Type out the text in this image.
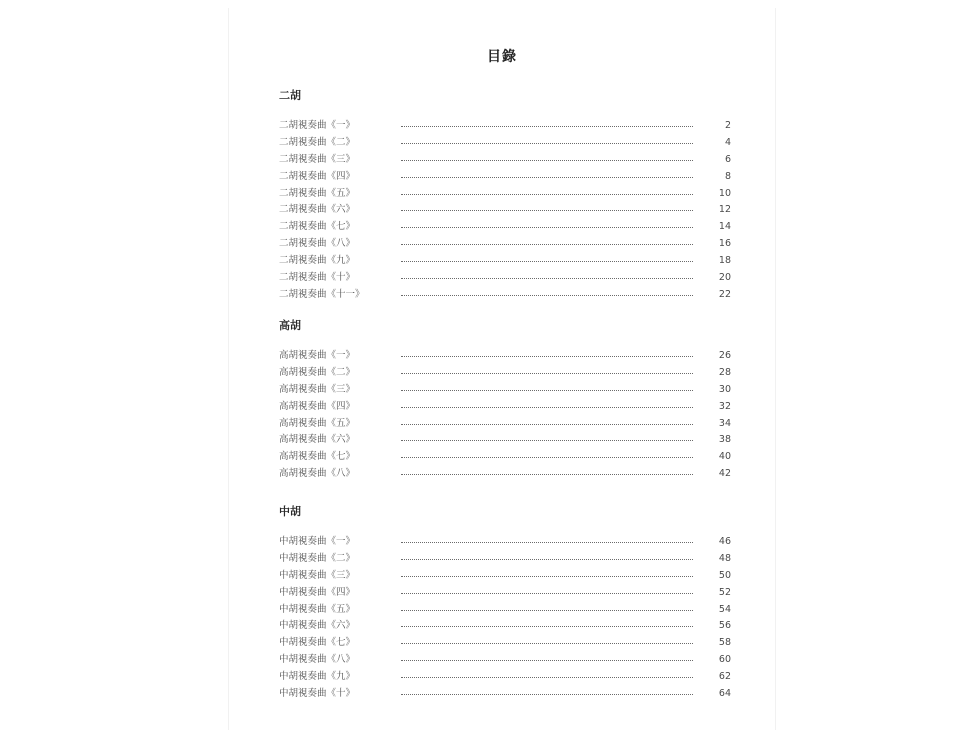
目錄
二胡
二胡視奏曲《一》	2
二胡視奏曲《二》	4
二胡視奏曲《三》	6
二胡視奏曲《四》	8
二胡視奏曲《五》	10
二胡視奏曲《六》	12
二胡視奏曲《七》	14
二胡視奏曲《八》	16
二胡視奏曲《九》	18
二胡視奏曲《十》	20
二胡視奏曲《十一》	22
高胡
高胡視奏曲《一》	26
高胡視奏曲《二》	28
高胡視奏曲《三》	30
高胡視奏曲《四》	32
高胡視奏曲《五》	34
高胡視奏曲《六》	38
高胡視奏曲《七》	40
高胡視奏曲《八》	42
中胡
中胡視奏曲《一》	46
中胡視奏曲《二》	48
中胡視奏曲《三》	50
中胡視奏曲《四》	52
中胡視奏曲《五》	54
中胡視奏曲《六》	56
中胡視奏曲《七》	58
中胡視奏曲《八》	60
中胡視奏曲《九》	62
中胡視奏曲《十》	64
